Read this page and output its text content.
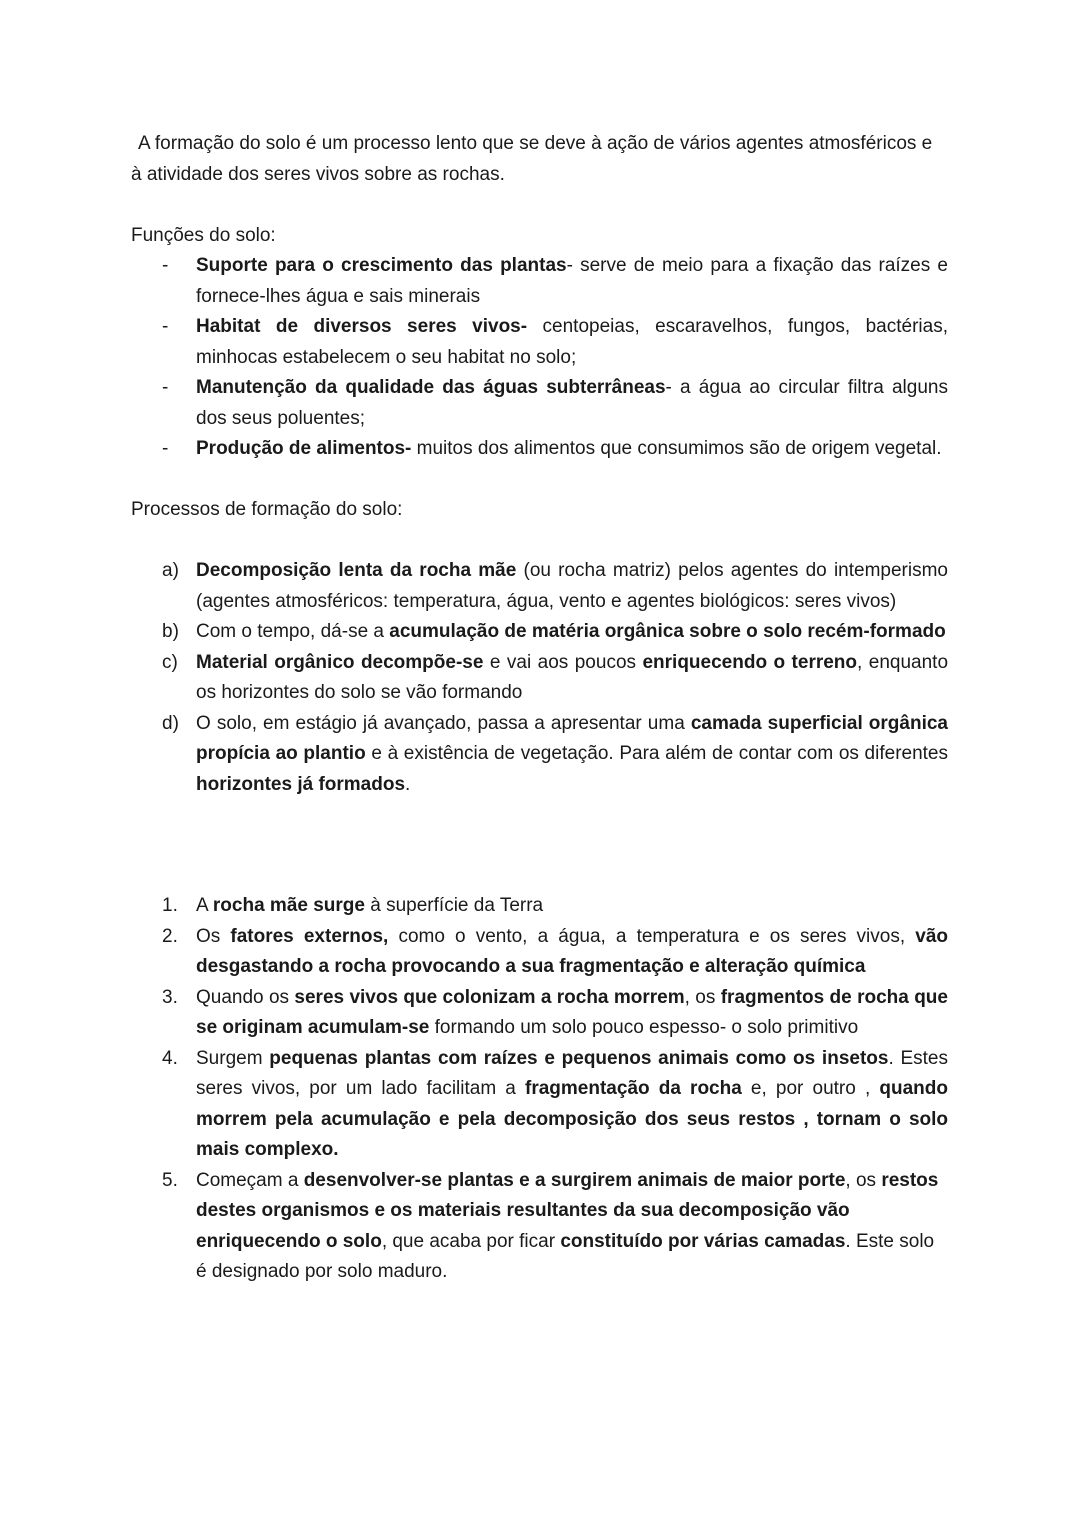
A formação do solo é um processo lento que se deve à ação de vários agentes atmosféricos e à atividade dos seres vivos sobre as rochas.

Funções do solo:

- Suporte para o crescimento das plantas- serve de meio para a fixação das raízes e fornece-lhes água e sais minerais
- Habitat de diversos seres vivos- centopeias, escaravelhos, fungos, bactérias, minhocas estabelecem o seu habitat no solo;
- Manutenção da qualidade das águas subterrâneas- a água ao circular filtra alguns dos seus poluentes;
- Produção de alimentos- muitos dos alimentos que consumimos são de origem vegetal.

Processos de formação do solo:

a) Decomposição lenta da rocha mãe (ou rocha matriz) pelos agentes do intemperismo (agentes atmosféricos: temperatura, água, vento e agentes biológicos: seres vivos)
b) Com o tempo, dá-se a acumulação de matéria orgânica sobre o solo recém-formado
c) Material orgânico decompõe-se e vai aos poucos enriquecendo o terreno, enquanto os horizontes do solo se vão formando
d) O solo, em estágio já avançado, passa a apresentar uma camada superficial orgânica propícia ao plantio e à existência de vegetação. Para além de contar com os diferentes horizontes já formados.
1. A rocha mãe surge à superfície da Terra
2. Os fatores externos, como o vento, a água, a temperatura e os seres vivos, vão desgastando a rocha provocando a sua fragmentação e alteração química
3. Quando os seres vivos que colonizam a rocha morrem, os fragmentos de rocha que se originam acumulam-se formando um solo pouco espesso- o solo primitivo
4. Surgem pequenas plantas com raízes e pequenos animais como os insetos. Estes seres vivos, por um lado facilitam a fragmentação da rocha e, por outro , quando morrem pela acumulação e pela decomposição dos seus restos , tornam o solo mais complexo.
5. Começam a desenvolver-se plantas e a surgirem animais de maior porte, os restos destes organismos e os materiais resultantes da sua decomposição vão enriquecendo o solo, que acaba por ficar constituído por várias camadas. Este solo é designado por solo maduro.
